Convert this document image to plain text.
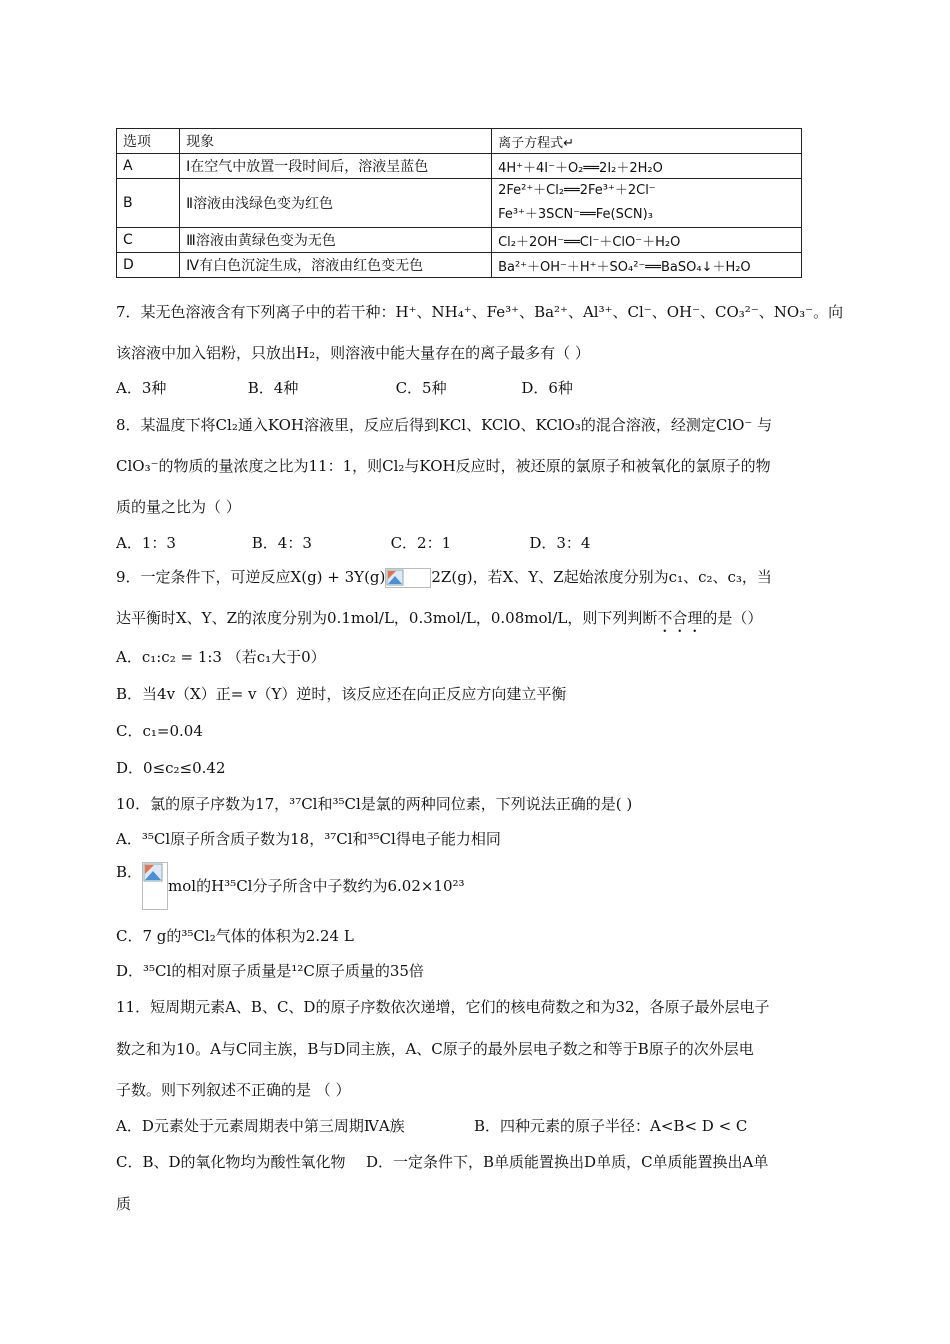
选项	现象	离子方程式↵
A	Ⅰ在空气中放置一段时间后，溶液呈蓝色	4H⁺＋4I⁻＋O₂══2I₂＋2H₂O
B	Ⅱ溶液由浅绿色变为红色	2Fe²⁺＋Cl₂══2Fe³⁺＋2Cl⁻
Fe³⁺＋3SCN⁻══Fe(SCN)₃

C	Ⅲ溶液由黄绿色变为无色	Cl₂＋2OH⁻══Cl⁻＋ClO⁻＋H₂O
D	Ⅳ有白色沉淀生成，溶液由红色变无色	Ba²⁺＋OH⁻＋H⁺＋SO₄²⁻══BaSO₄↓＋H₂O
7．某无色溶液含有下列离子中的若干种：H⁺、NH₄⁺、Fe³⁺、Ba²⁺、Al³⁺、Cl⁻、OH⁻、CO₃²⁻、NO₃⁻。向
该溶液中加入铝粉，只放出H₂，则溶液中能大量存在的离子最多有（ ）
A．3种	B．4种	C．5种	D．6种
8．某温度下将Cl₂通入KOH溶液里，反应后得到KCl、KClO、KClO₃的混合溶液，经测定ClO⁻ 与
ClO₃⁻的物质的量浓度之比为11：1，则Cl₂与KOH反应时，被还原的氯原子和被氧化的氯原子的物
质的量之比为（ ）
A．1：3	B．4：3	C．2：1	D．3：4
9．一定条件下，可逆反应X(g) + 3Y(g)	2Z(g)，若X、Y、Z起始浓度分别为c₁、c₂、c₃，当
达平衡时X、Y、Z的浓度分别为0.1mol/L，0.3mol/L，0.08mol/L，则下列判断不合理的是（）
A．c₁:c₂ = 1:3 （若c₁大于0）
B．当4v（X）正= v（Y）逆时，该反应还在向正反应方向建立平衡
C．c₁=0.04
D．0≤c₂≤0.42
10．氯的原子序数为17，³⁷Cl和³⁵Cl是氯的两种同位素，下列说法正确的是( )
A．³⁵Cl原子所含质子数为18，³⁷Cl和³⁵Cl得电子能力相同
B．
mol的H³⁵Cl分子所含中子数约为6.02×10²³
C．7 g的³⁵Cl₂气体的体积为2.24 L
D．³⁵Cl的相对原子质量是¹²C原子质量的35倍
11．短周期元素A、B、C、D的原子序数依次递增，它们的核电荷数之和为32，各原子最外层电子
数之和为10。A与C同主族，B与D同主族，A、C原子的最外层电子数之和等于B原子的次外层电
子数。则下列叙述不正确的是 （ ）
A．D元素处于元素周期表中第三周期ⅣA族	B．四种元素的原子半径：A<B< D < C
C．B、D的氧化物均为酸性氧化物 D．一定条件下，B单质能置换出D单质，C单质能置换出A单
质
